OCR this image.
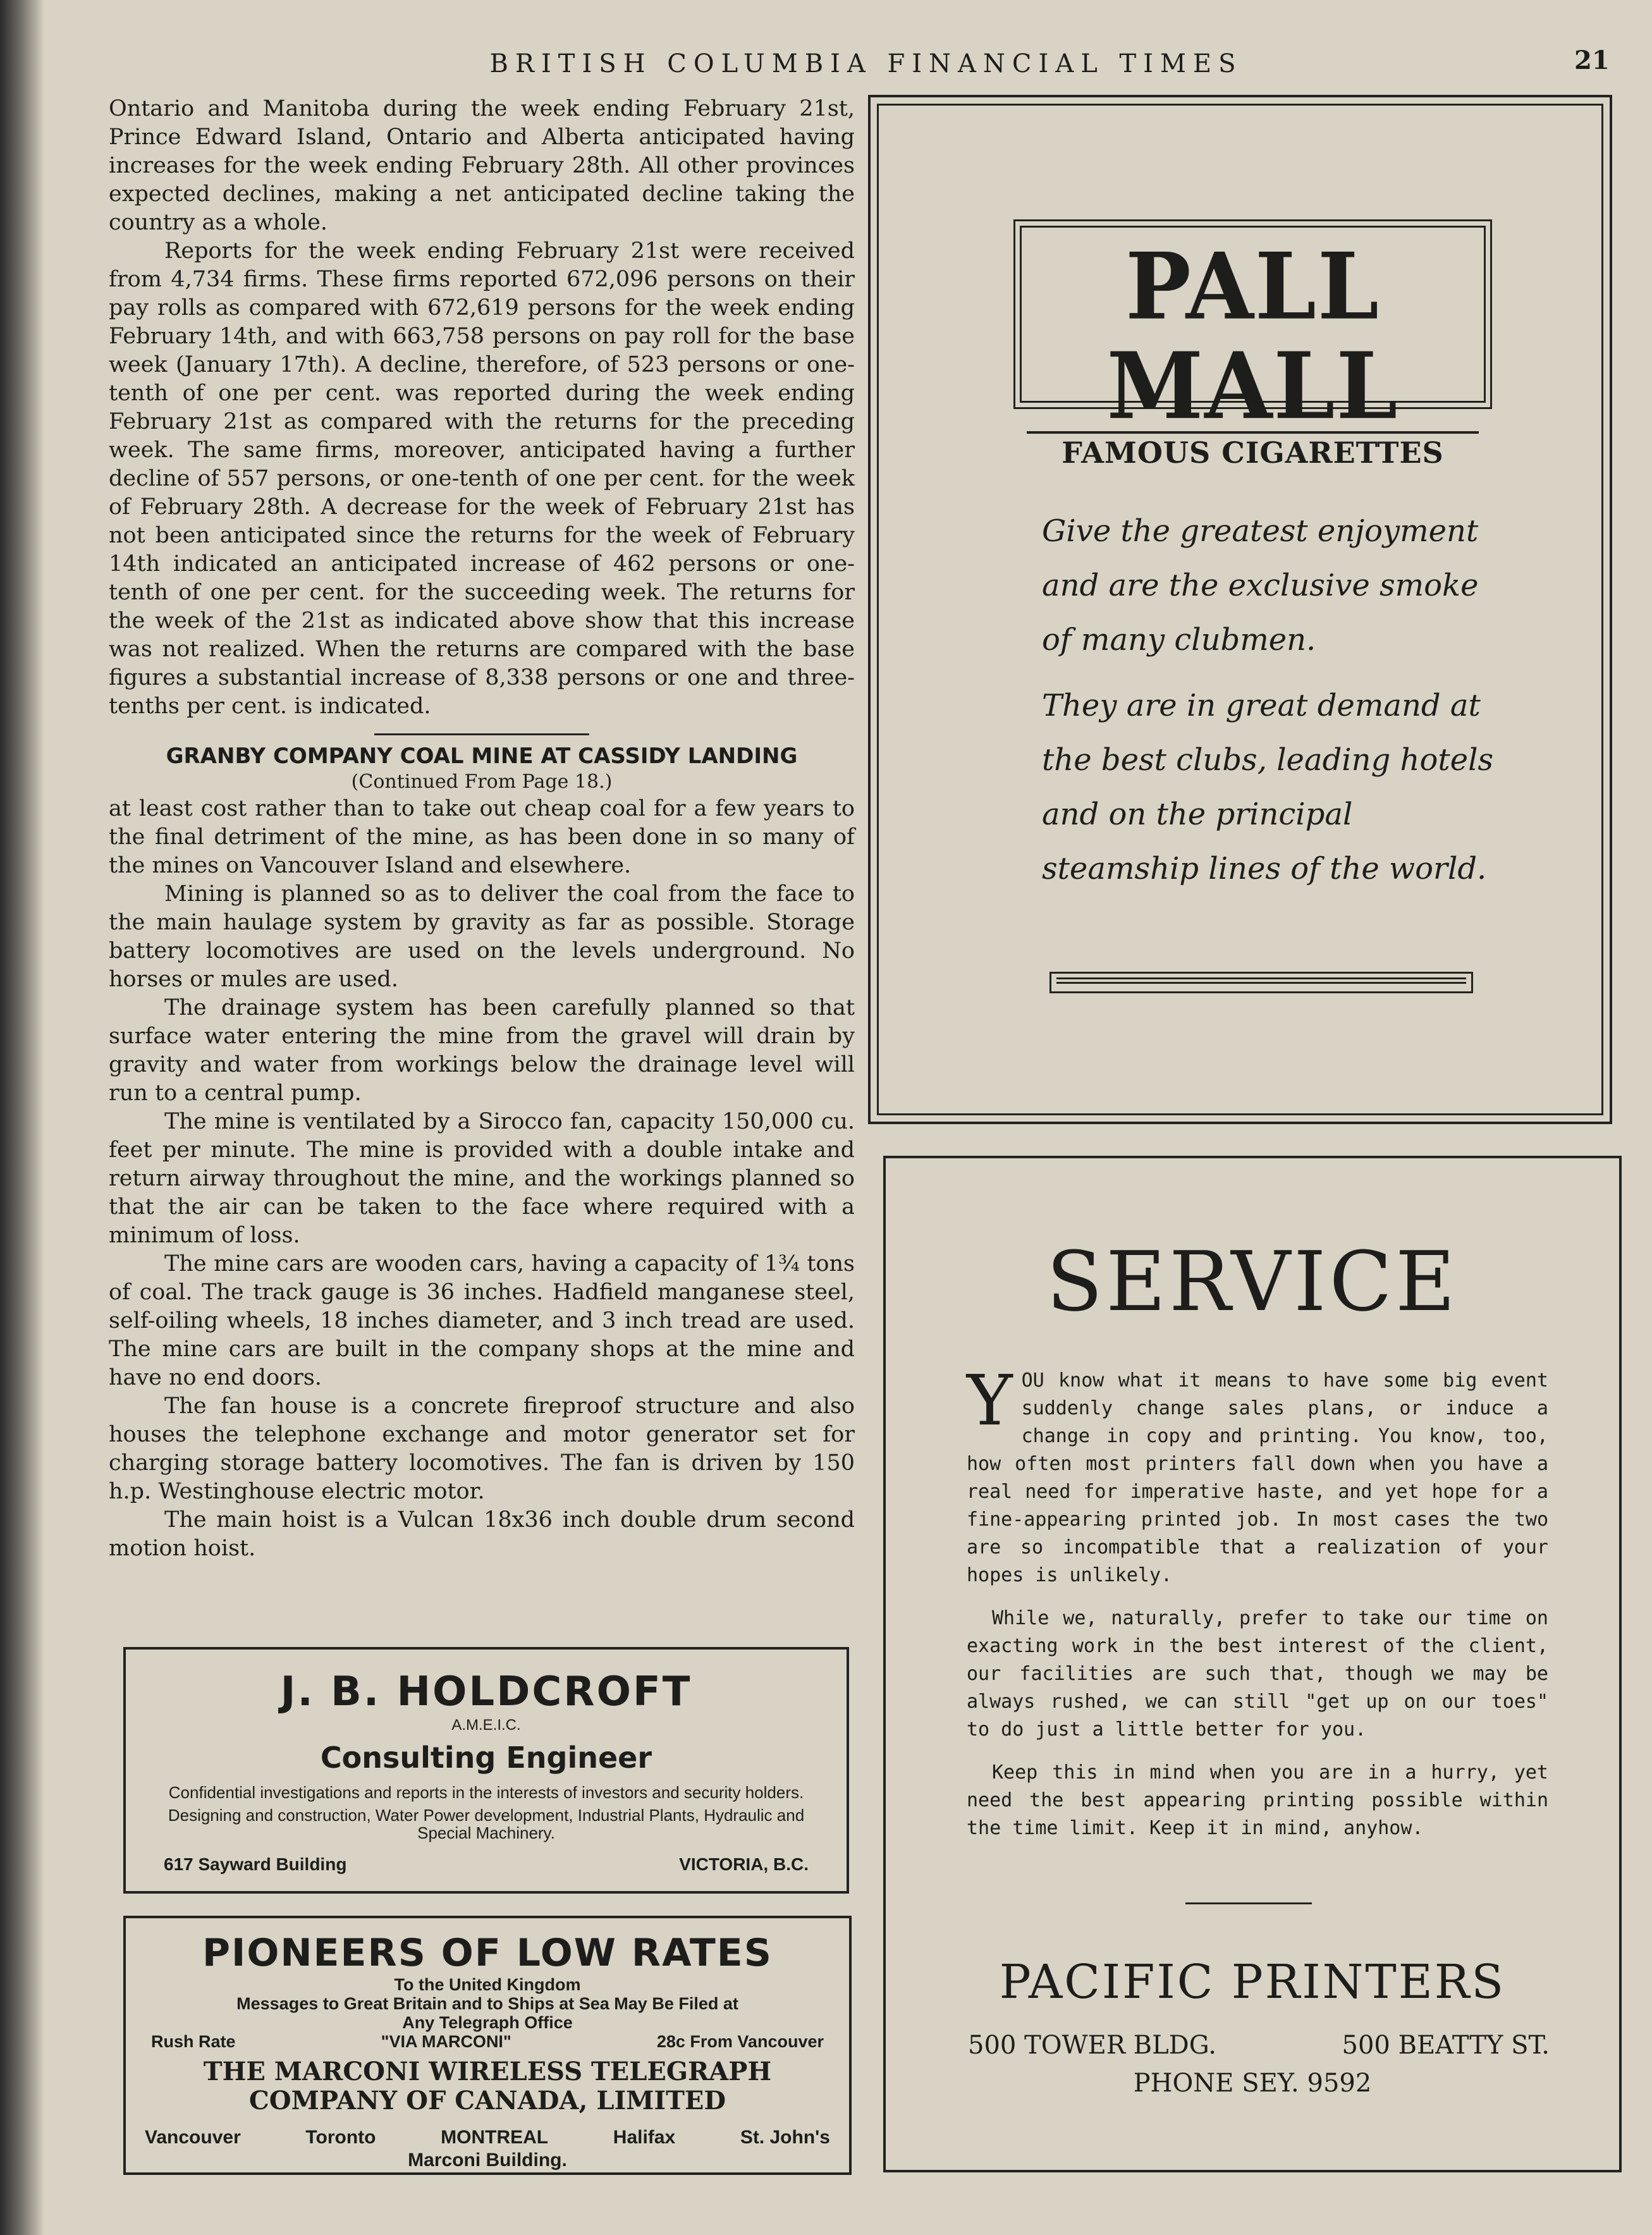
BRITISH COLUMBIA FINANCIAL TIMES	21

Ontario and Manitoba during the week ending February 21st, Prince Edward Island, Ontario and Alberta anticipated having increases for the week ending February 28th. All other provinces expected declines, making a net anticipated decline taking the country as a whole.

Reports for the week ending February 21st were received from 4,734 firms. These firms reported 672,096 persons on their pay rolls as compared with 672,619 persons for the week ending February 14th, and with 663,758 persons on pay roll for the base week (January 17th). A decline, therefore, of 523 persons or one-tenth of one per cent. was reported during the week ending February 21st as compared with the returns for the preceding week. The same firms, moreover, anticipated having a further decline of 557 persons, or one-tenth of one per cent. for the week of February 28th. A decrease for the week of February 21st has not been anticipated since the returns for the week of February 14th indicated an anticipated increase of 462 persons or one-tenth of one per cent. for the succeeding week. The returns for the week of the 21st as indicated above show that this increase was not realized. When the returns are compared with the base figures a substantial increase of 8,338 persons or one and three-tenths per cent. is indicated.

GRANBY COMPANY COAL MINE AT CASSIDY LANDING
(Continued From Page 18.)

at least cost rather than to take out cheap coal for a few years to the final detriment of the mine, as has been done in so many of the mines on Vancouver Island and elsewhere.

Mining is planned so as to deliver the coal from the face to the main haulage system by gravity as far as possible. Storage battery locomotives are used on the levels underground. No horses or mules are used.

The drainage system has been carefully planned so that surface water entering the mine from the gravel will drain by gravity and water from workings below the drainage level will run to a central pump.

The mine is ventilated by a Sirocco fan, capacity 150,000 cu. feet per minute. The mine is provided with a double intake and return airway throughout the mine, and the workings planned so that the air can be taken to the face where required with a minimum of loss.

The mine cars are wooden cars, having a capacity of 1¾ tons of coal. The track gauge is 36 inches. Hadfield manganese steel, self-oiling wheels, 18 inches diameter, and 3 inch tread are used. The mine cars are built in the company shops at the mine and have no end doors.

The fan house is a concrete fireproof structure and also houses the telephone exchange and motor generator set for charging storage battery locomotives. The fan is driven by 150 h.p. Westinghouse electric motor.

The main hoist is a Vulcan 18x36 inch double drum second motion hoist.

J. B. HOLDCROFT
A.M.E.I.C.
Consulting Engineer
Confidential investigations and reports in the interests of investors and security holders.
Designing and construction, Water Power development, Industrial Plants, Hydraulic and Special Machinery.
617 Sayward Building	VICTORIA, B.C.
PIONEERS OF LOW RATES
To the United Kingdom
Messages to Great Britain and to Ships at Sea May Be Filed at
Any Telegraph Office
Rush Rate	"VIA MARCONI"	28c From Vancouver
THE MARCONI WIRELESS TELEGRAPH
COMPANY OF CANADA, LIMITED
Vancouver	Toronto	MONTREAL	Halifax	St. John's
Marconi Building.
PALL MALL
FAMOUS CIGARETTES

Give the greatest enjoyment and are the exclusive smoke of many clubmen.

They are in great demand at the best clubs, leading hotels and on the principal steamship lines of the world.

SERVICE

YOU know what it means to have some big event suddenly change sales plans, or induce a change in copy and printing. You know, too, how often most printers fall down when you have a real need for imperative haste, and yet hope for a fine-appearing printed job. In most cases the two are so incompatible that a realization of your hopes is unlikely.

While we, naturally, prefer to take our time on exacting work in the best interest of the client, our facilities are such that, though we may be always rushed, we can still "get up on our toes" to do just a little better for you.

Keep this in mind when you are in a hurry, yet need the best appearing printing possible within the time limit. Keep it in mind, anyhow.

PACIFIC PRINTERS
500 TOWER BLDG.	500 BEATTY ST.
PHONE SEY. 9592
